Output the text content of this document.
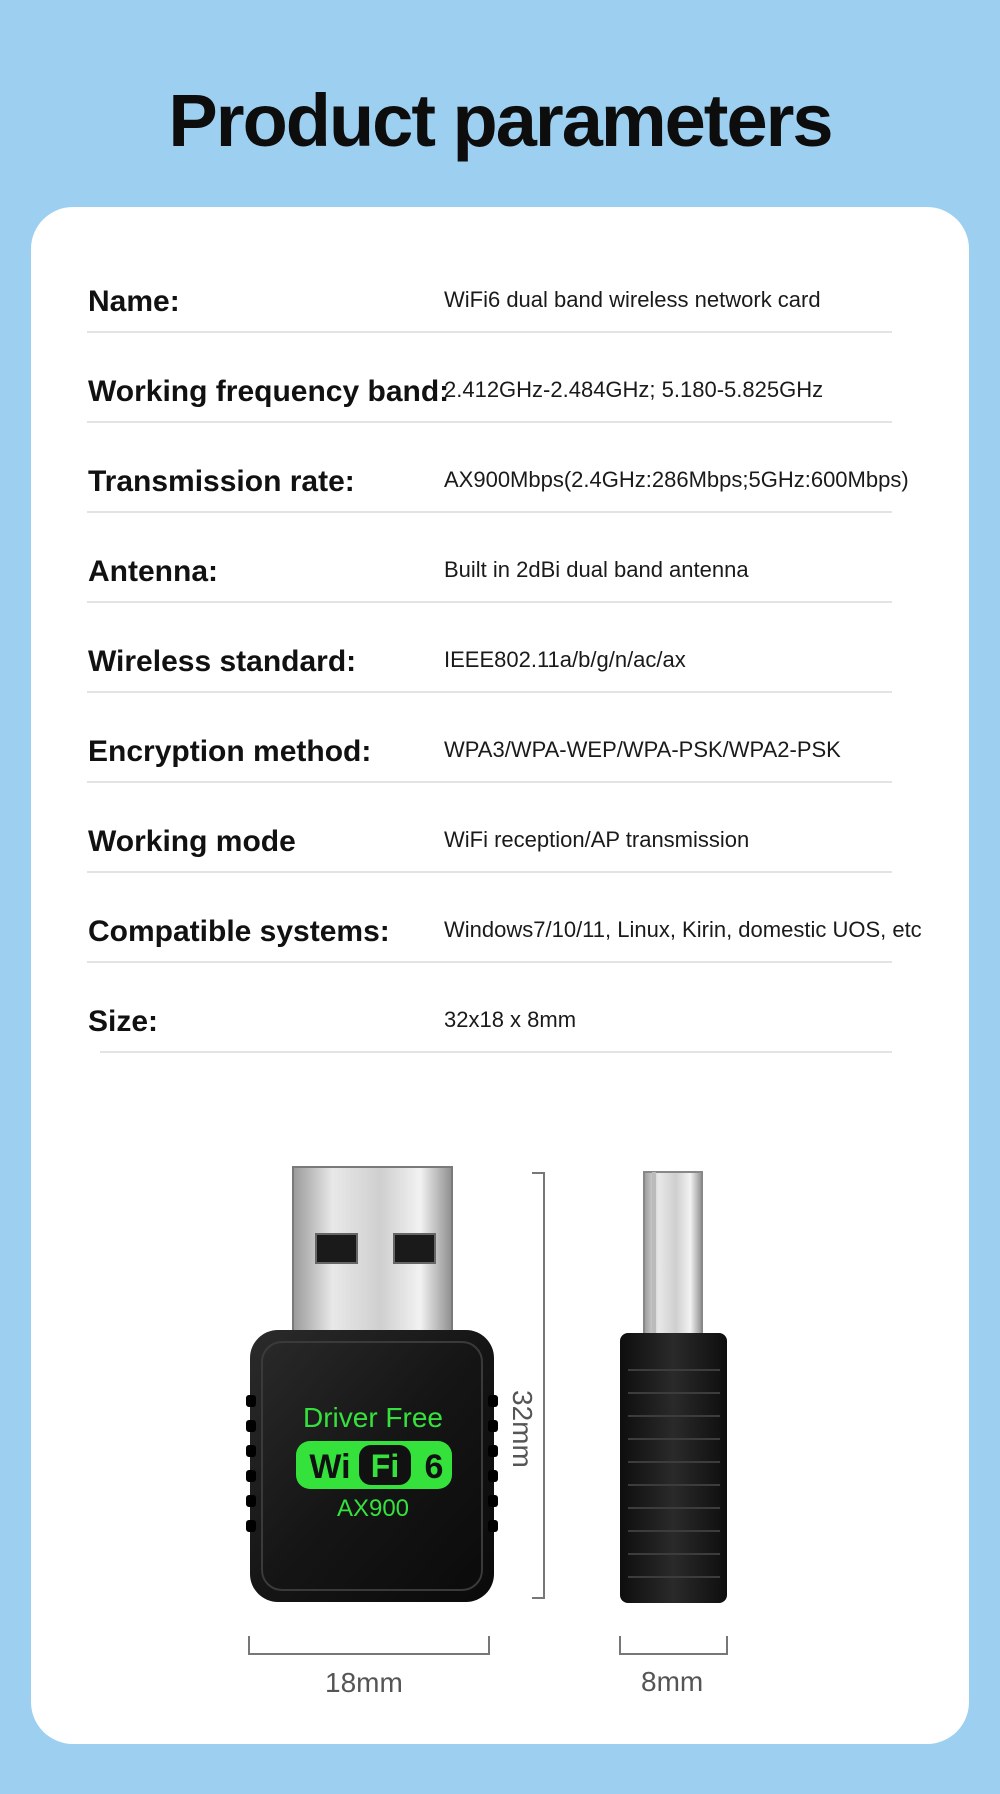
Product parameters
Name:	WiFi6 dual band wireless network card
Working frequency band:
2.412GHz-2.484GHz; 5.180-5.825GHz
Transmission rate:	AX900Mbps(2.4GHz:286Mbps;5GHz:600Mbps)
Antenna:	Built in 2dBi dual band antenna
Wireless standard:	IEEE802.11a/b/g/n/ac/ax
Encryption method:	WPA3/WPA-WEP/WPA-PSK/WPA2-PSK
Working mode	WiFi reception/AP transmission
Compatible systems: Windows7/10/11, Linux, Kirin, domestic UOS, etc
Size:	32x18 x 8mm
Driver Free
Wi Fi 6
AX900
32mm
18mm	8mm
